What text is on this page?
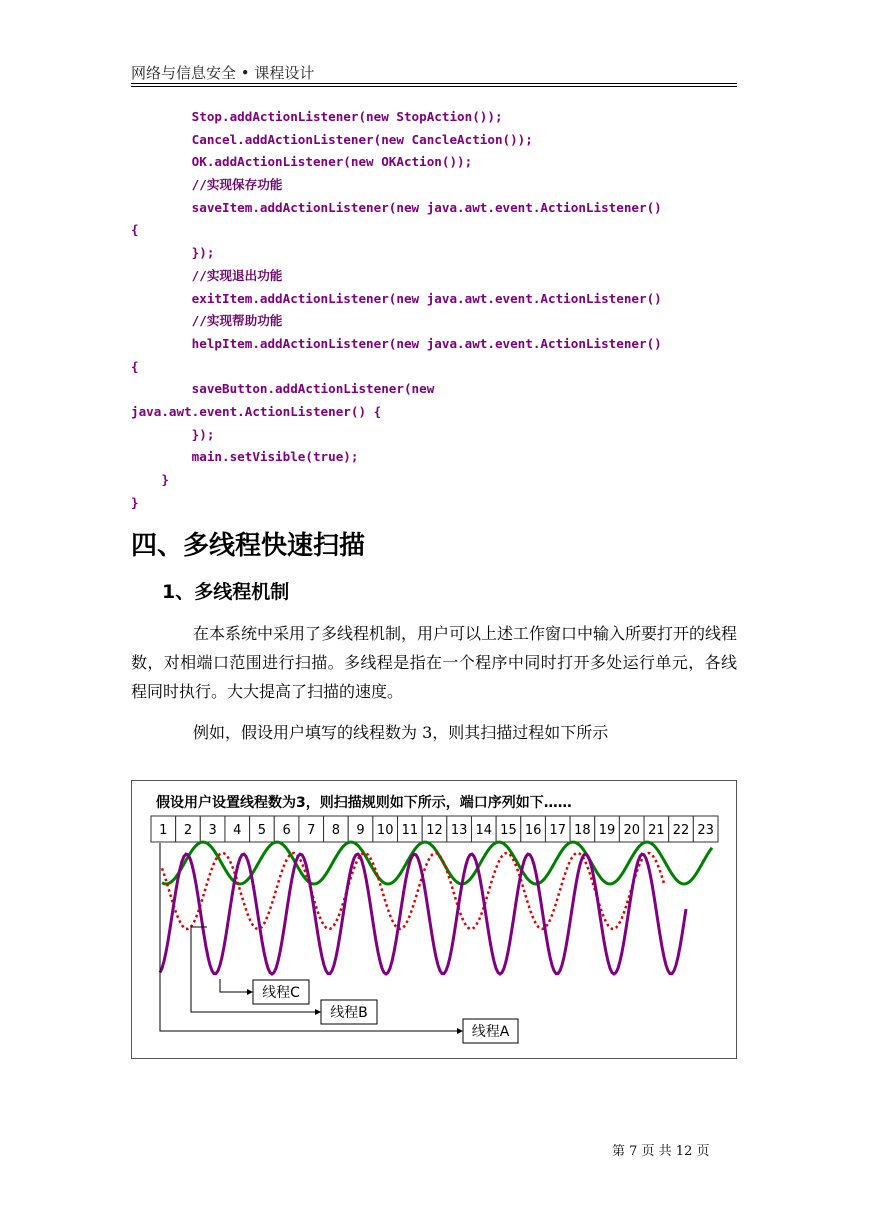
网络与信息安全 • 课程设计
Stop.addActionListener(new StopAction());
Cancel.addActionListener(new CancleAction());
OK.addActionListener(new OKAction());
//实现保存功能
saveItem.addActionListener(new java.awt.event.ActionListener()
{
});
//实现退出功能
exitItem.addActionListener(new java.awt.event.ActionListener()
//实现帮助功能
helpItem.addActionListener(new java.awt.event.ActionListener()
{
saveButton.addActionListener(new
java.awt.event.ActionListener() {
});
main.setVisible(true);
}
}
四、多线程快速扫描
1、多线程机制

在本系统中采用了多线程机制，用户可以上述工作窗口中输入所要打开的线程数，对相端口范围进行扫描。多线程是指在一个程序中同时打开多处运行单元，各线程同时执行。大大提高了扫描的速度。

例如，假设用户填写的线程数为 3，则其扫描过程如下所示

假设用户设置线程数为3，则扫描规则如下所示，端口序列如下……
1 2 3 4 5 6 7 8 9 10 11 12 13 14 15 16 17 18 19 20 21 22 23
线程C
线程B
线程A
第 7 页 共 12 页
